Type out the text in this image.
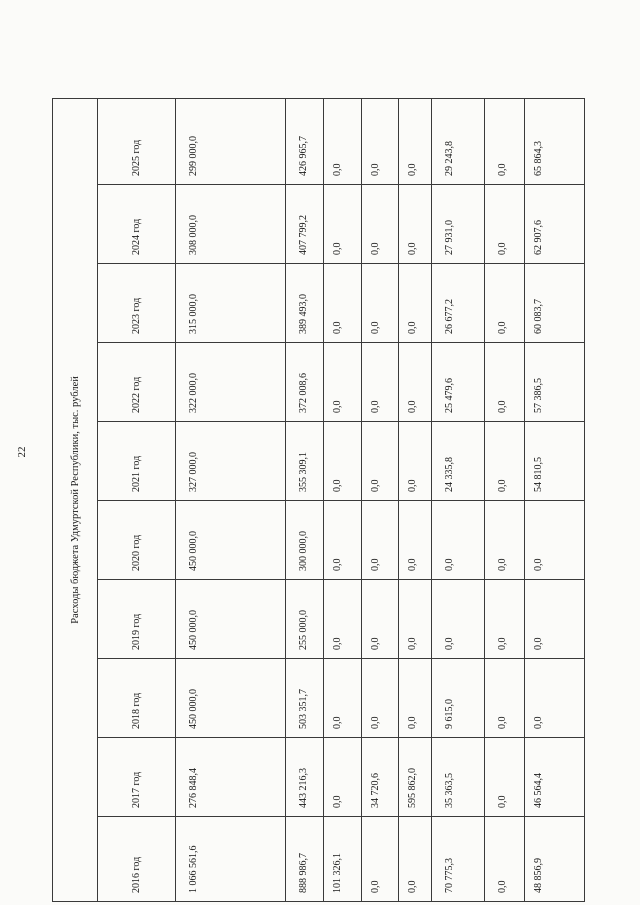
22	Расходы бюджета Удмуртской Республики, тыс. рублей									
2016 год	2017 год	2018 год	2019 год	2020 год	2021 год	2022 год	2023 год	2024 год	2025 год
1 066 561,6	276 848,4	450 000,0	450 000,0	450 000,0	327 000,0	322 000,0	315 000,0	308 000,0	299 000,0
888 986,7	443 216,3	503 351,7	255 000,0	300 000,0	355 309,1	372 008,6	389 493,0	407 799,2	426 965,7
101 326,1	0,0	0,0	0,0	0,0	0,0	0,0	0,0	0,0	0,0
0,0	34 720,6	0,0	0,0	0,0	0,0	0,0	0,0	0,0	0,0
0,0	595 862,0	0,0	0,0	0,0	0,0	0,0	0,0	0,0	0,0
70 775,3	35 363,5	9 615,0	0,0	0,0	24 335,8	25 479,6	26 677,2	27 931,0	29 243,8
0,0	0,0	0,0	0,0	0,0	0,0	0,0	0,0	0,0	0,0
48 856,9	46 564,4	0,0	0,0	0,0	54 810,5	57 386,5	60 083,7	62 907,6	65 864,3
